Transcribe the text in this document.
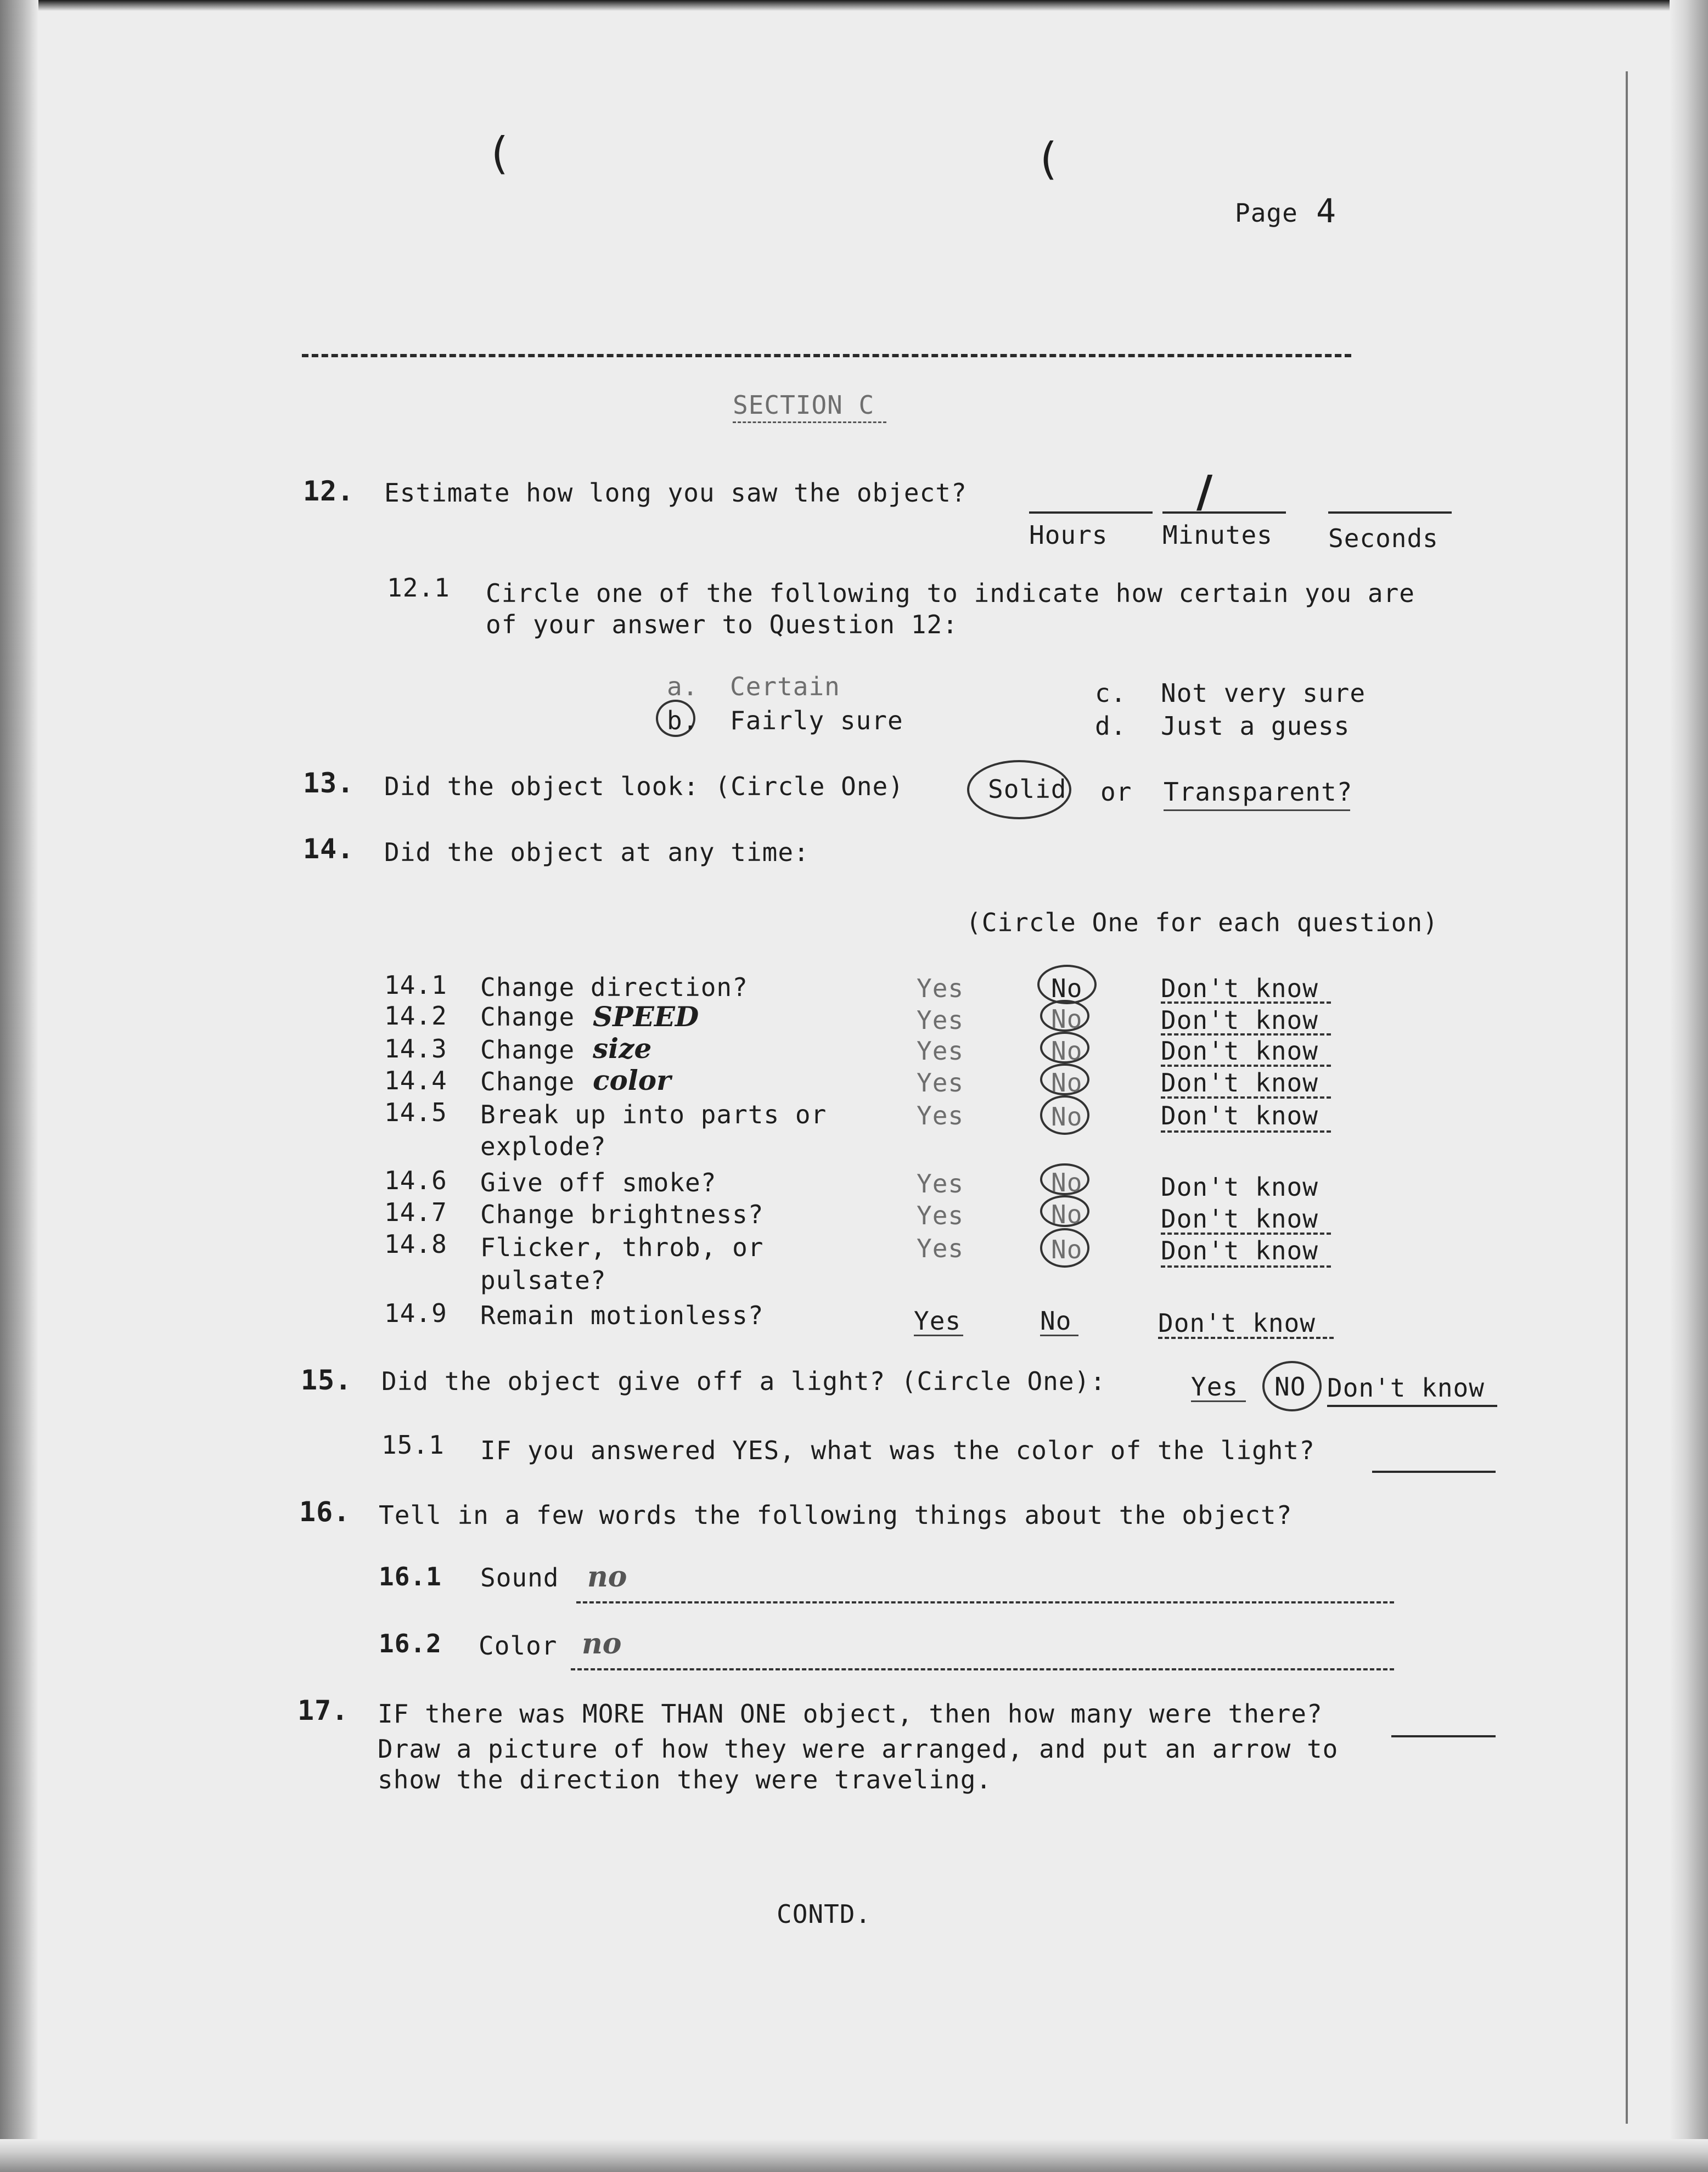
(	(
Page 4
SECTION C
12. Estimate how long you saw the object?	/
Hours Minutes Seconds
12.1 Circle one of the following to indicate how certain you are
of your answer to Question 12:
a. Certain
b. Fairly sure
c. Not very sure
d. Just a guess
13. Did the object look: (Circle One)	Solid or Transparent?
14. Did the object at any time:
(Circle One for each question)
14.1 Change direction?	Yes	No	Don't know
14.2 Change SPEED	Yes	No	Don't know
14.3 Change size	Yes	No	Don't know
14.4 Change color	Yes	No	Don't know
14.5 Break up into parts or
explode?
Yes	No	Don't know
14.6 Give off smoke?	Yes	No	Don't know
14.7 Change brightness?	Yes	No	Don't know
14.8 Flicker, throb, or
pulsate?
Yes	No	Don't know
14.9 Remain motionless?	Yes	No	Don't know
15. Did the object give off a light? (Circle One):	Yes NO Don't know
15.1 IF you answered YES, what was the color of the light?
16. Tell in a few words the following things about the object?
16.1 Sound no
16.2 Color no
17. IF there was MORE THAN ONE object, then how many were there?
Draw a picture of how they were arranged, and put an arrow to
show the direction they were traveling.
CONTD.
